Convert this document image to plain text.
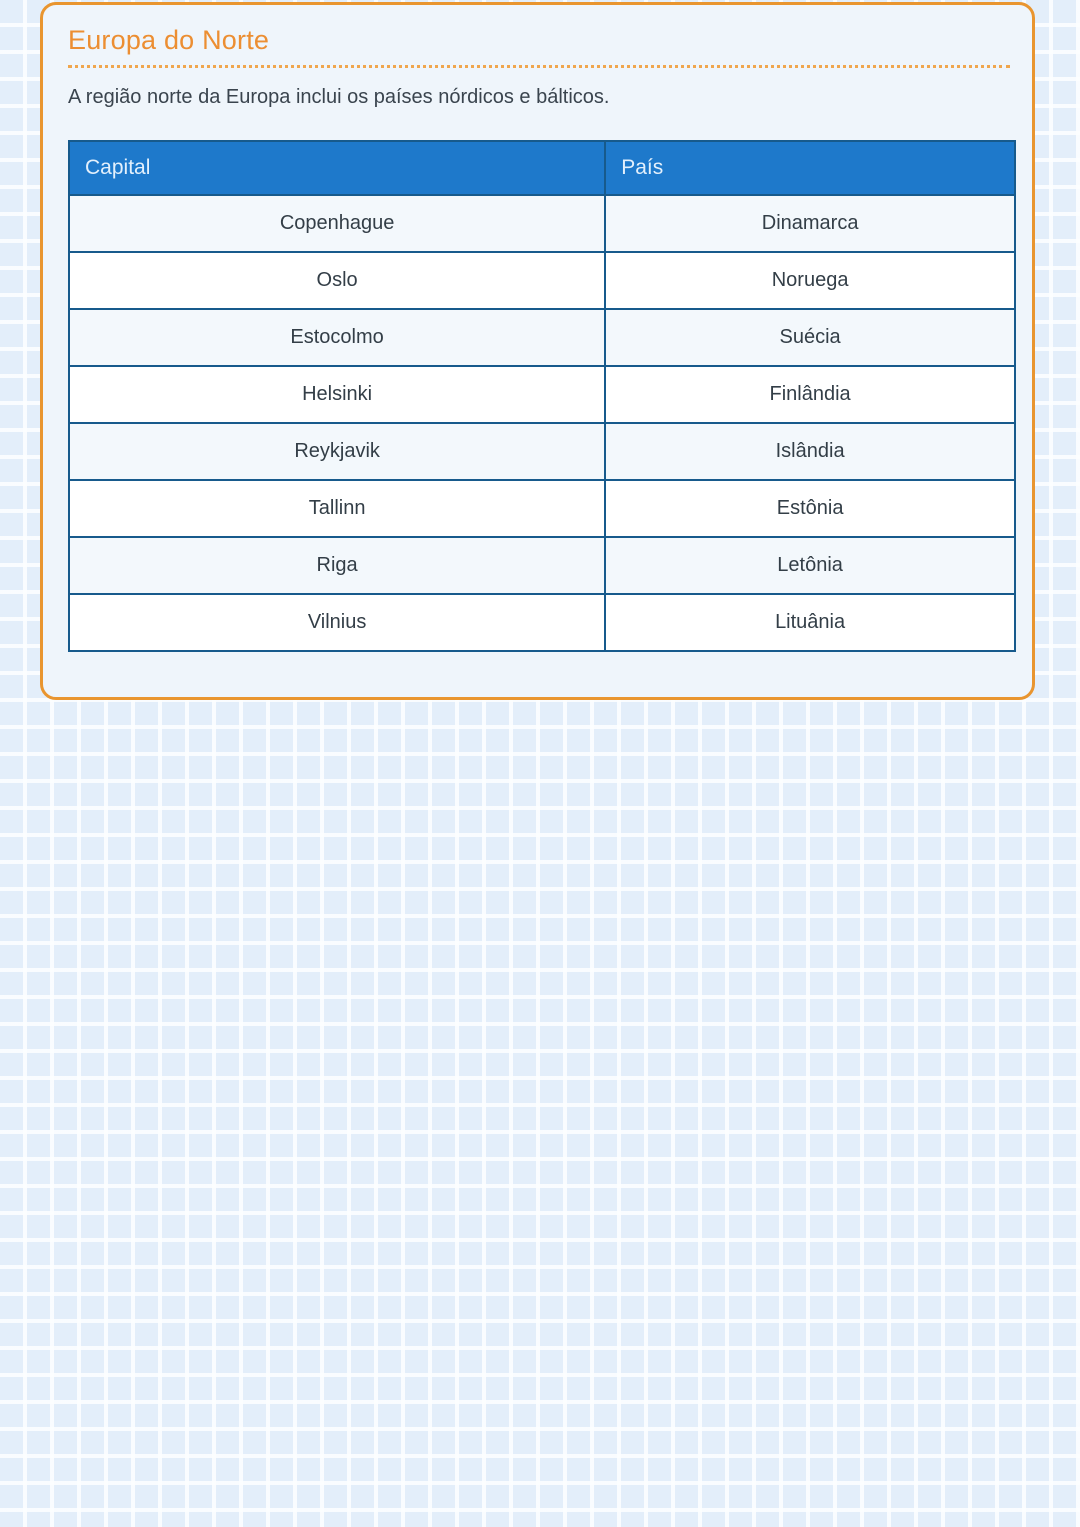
Europa do Norte

A região norte da Europa inclui os países nórdicos e bálticos.

Capital	País
Copenhague	Dinamarca
Oslo	Noruega
Estocolmo	Suécia
Helsinki	Finlândia
Reykjavik	Islândia
Tallinn	Estônia
Riga	Letônia
Vilnius	Lituânia
